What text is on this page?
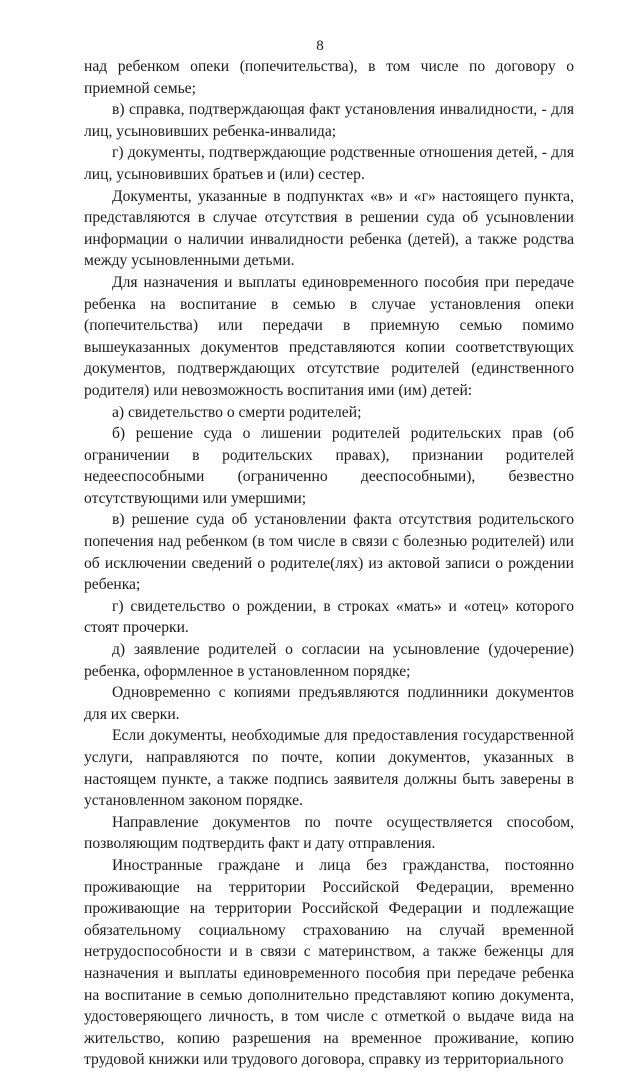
8

над ребенком опеки (попечительства), в том числе по договору о приемной семье;

в) справка, подтверждающая факт установления инвалидности, - для лиц, усыновивших ребенка-инвалида;

г) документы, подтверждающие родственные отношения детей, - для лиц, усыновивших братьев и (или) сестер.

Документы, указанные в подпунктах «в» и «г» настоящего пункта, представляются в случае отсутствия в решении суда об усыновлении информации о наличии инвалидности ребенка (детей), а также родства между усыновленными детьми.

Для назначения и выплаты единовременного пособия при передаче ребенка на воспитание в семью в случае установления опеки (попечительства) или передачи в приемную семью помимо вышеуказанных документов представляются копии соответствующих документов, подтверждающих отсутствие родителей (единственного родителя) или невозможность воспитания ими (им) детей:

а) свидетельство о смерти родителей;

б) решение суда о лишении родителей родительских прав (об ограничении в родительских правах), признании родителей недееспособными (ограниченно дееспособными), безвестно отсутствующими или умершими;

в) решение суда об установлении факта отсутствия родительского попечения над ребенком (в том числе в связи с болезнью родителей) или об исключении сведений о родителе(лях) из актовой записи о рождении ребенка;

г) свидетельство о рождении, в строках «мать» и «отец» которого стоят прочерки.

д) заявление родителей о согласии на усыновление (удочерение) ребенка, оформленное в установленном порядке;

Одновременно с копиями предъявляются подлинники документов для их сверки.

Если документы, необходимые для предоставления государственной услуги, направляются по почте, копии документов, указанных в настоящем пункте, а также подпись заявителя должны быть заверены в установленном законом порядке.

Направление документов по почте осуществляется способом, позволяющим подтвердить факт и дату отправления.

Иностранные граждане и лица без гражданства, постоянно проживающие на территории Российской Федерации, временно проживающие на территории Российской Федерации и подлежащие обязательному социальному страхованию на случай временной нетрудоспособности и в связи с материнством, а также беженцы для назначения и выплаты единовременного пособия при передаче ребенка на воспитание в семью дополнительно представляют копию документа, удостоверяющего личность, в том числе с отметкой о выдаче вида на жительство, копию разрешения на временное проживание, копию трудовой книжки или трудового договора, справку из территориального
